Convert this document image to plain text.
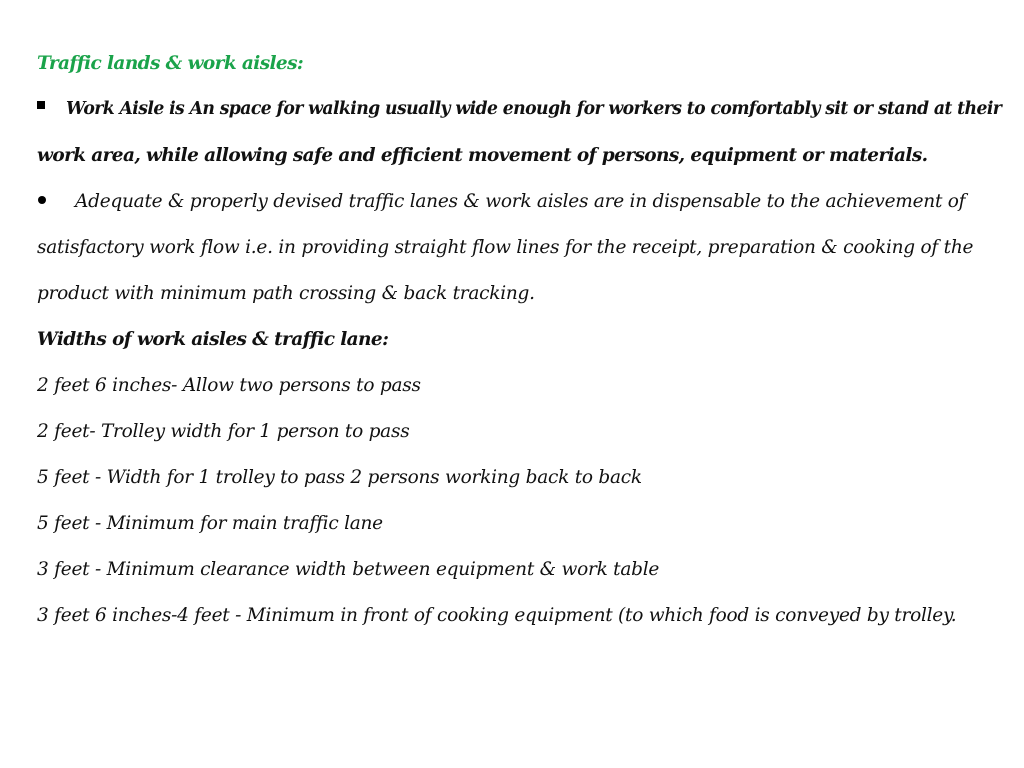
Traffic lands & work aisles:
Work Aisle is An space for walking usually wide enough for workers to comfortably sit or stand at their
work area, while allowing safe and efficient movement of persons, equipment or materials.
Adequate & properly devised traffic lanes & work aisles are in dispensable to the achievement of
satisfactory work flow i.e. in providing straight flow lines for the receipt, preparation & cooking of the
product with minimum path crossing & back tracking.
Widths of work aisles & traffic lane:
2 feet 6 inches- Allow two persons to pass
2 feet- Trolley width for 1 person to pass
5 feet - Width for 1 trolley to pass 2 persons working back to back
5 feet - Minimum for main traffic lane
3 feet - Minimum clearance width between equipment & work table
3 feet 6 inches-4 feet - Minimum in front of cooking equipment (to which food is conveyed by trolley.
